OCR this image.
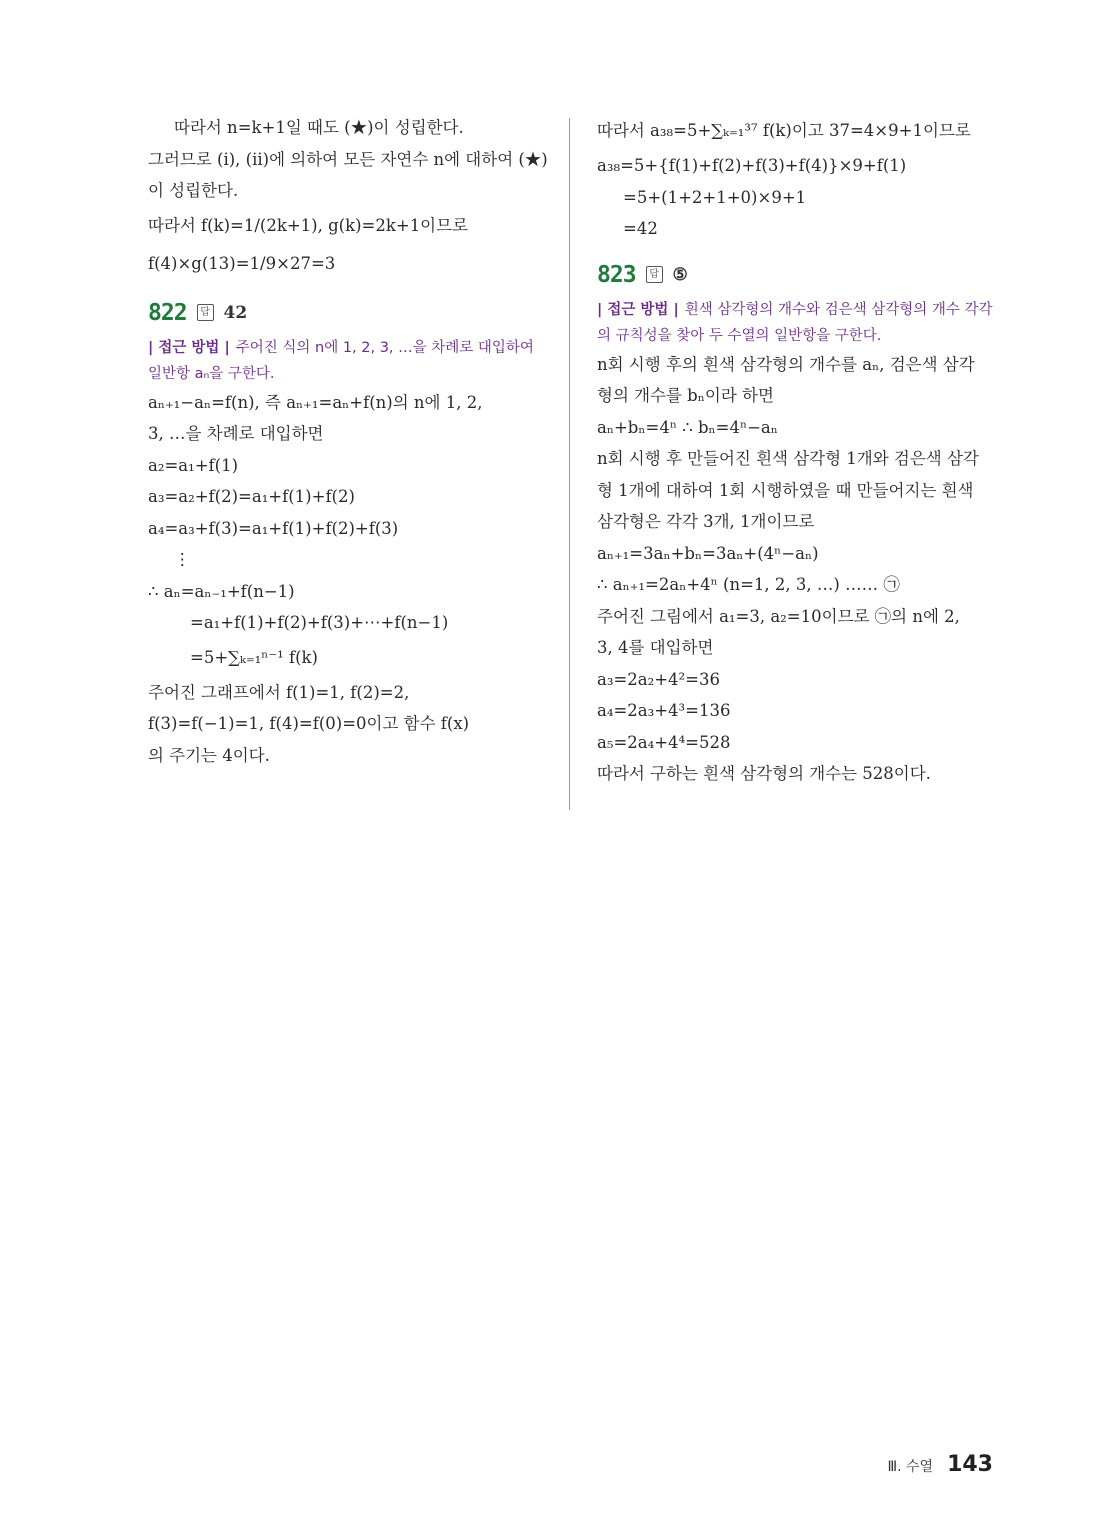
따라서 n=k+1일 때도 (★)이 성립한다.
그러므로 (i), (ii)에 의하여 모든 자연수 n에 대하여 (★)
이 성립한다.
따라서 f(k)=1/(2k+1), g(k)=2k+1이므로
f(4)×g(13)=1/9×27=3
822	답 42
| 접근 방법 | 주어진 식의 n에 1, 2, 3, …을 차례로 대입하여
일반항 aₙ을 구한다.
aₙ₊₁−aₙ=f(n), 즉 aₙ₊₁=aₙ+f(n)의 n에 1, 2,
3, …을 차례로 대입하면
a₂=a₁+f(1)
a₃=a₂+f(2)=a₁+f(1)+f(2)
a₄=a₃+f(3)=a₁+f(1)+f(2)+f(3)
⋮
∴ aₙ=aₙ₋₁+f(n−1)
=a₁+f(1)+f(2)+f(3)+⋯+f(n−1)
=5+∑ₖ₌₁ⁿ⁻¹ f(k)
주어진 그래프에서 f(1)=1, f(2)=2,
f(3)=f(−1)=1, f(4)=f(0)=0이고 함수 f(x)
의 주기는 4이다.
따라서 a₃₈=5+∑ₖ₌₁³⁷ f(k)이고 37=4×9+1이므로
a₃₈=5+{f(1)+f(2)+f(3)+f(4)}×9+f(1)
=5+(1+2+1+0)×9+1
=42
823	답 ⑤
| 접근 방법 | 흰색 삼각형의 개수와 검은색 삼각형의 개수 각각
의 규칙성을 찾아 두 수열의 일반항을 구한다.
n회 시행 후의 흰색 삼각형의 개수를 aₙ, 검은색 삼각
형의 개수를 bₙ이라 하면
aₙ+bₙ=4ⁿ ∴ bₙ=4ⁿ−aₙ
n회 시행 후 만들어진 흰색 삼각형 1개와 검은색 삼각
형 1개에 대하여 1회 시행하였을 때 만들어지는 흰색
삼각형은 각각 3개, 1개이므로
aₙ₊₁=3aₙ+bₙ=3aₙ+(4ⁿ−aₙ)
∴ aₙ₊₁=2aₙ+4ⁿ (n=1, 2, 3, …) …… ㉠
주어진 그림에서 a₁=3, a₂=10이므로 ㉠의 n에 2,
3, 4를 대입하면
a₃=2a₂+4²=36
a₄=2a₃+4³=136
a₅=2a₄+4⁴=528
따라서 구하는 흰색 삼각형의 개수는 528이다.
Ⅲ. 수열 143
